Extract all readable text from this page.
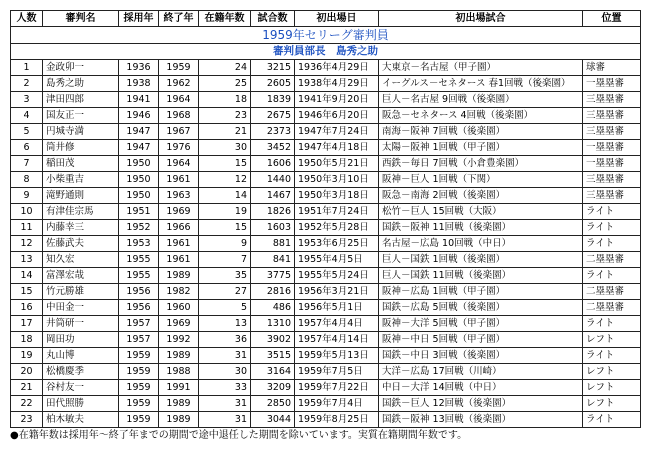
1959年セリーグ審判員								
審判員部長　島秀之助								
人数	審判名	採用年	終了年	在籍年数	試合数	初出場日	初出場試合	位置
1	金政卯一	1936	1959	24	3215	1936年4月29日	大東京－名古屋（甲子園）	球審
2	島秀之助	1938	1962	25	2605	1938年4月29日	イーグルス－セネタース 春1回戦（後楽園）	一塁塁審
3	津田四郎	1941	1964	18	1839	1941年9月20日	巨人－名古屋 9回戦（後楽園）	三塁塁審
4	国友正一	1946	1968	23	2675	1946年6月20日	阪急－セネタース 4回戦（後楽園）	三塁塁審
5	円城寺満	1947	1967	21	2373	1947年7月24日	南海－阪神 7回戦（後楽園）	三塁塁審
6	筒井修	1947	1976	30	3452	1947年4月18日	太陽－阪神 1回戦（甲子園）	一塁塁審
7	稲田茂	1950	1964	15	1606	1950年5月21日	西鉄－毎日 7回戦（小倉豊楽園）	一塁塁審
8	小柴重吉	1950	1961	12	1440	1950年3月10日	阪神－巨人 1回戦（下関）	三塁塁審
9	滝野通則	1950	1963	14	1467	1950年3月18日	阪急－南海 2回戦（後楽園）	三塁塁審
10	有津佳宗馬	1951	1969	19	1826	1951年7月24日	松竹－巨人 15回戦（大阪）	ライト
11	内藤幸三	1952	1966	15	1603	1952年5月28日	国鉄－阪神 11回戦（後楽園）	ライト
12	佐藤武夫	1953	1961	9	881	1953年6月25日	名古屋－広島 10回戦（中日）	ライト
13	知久宏	1955	1961	7	841	1955年4月5日	巨人－国鉄 1回戦（後楽園）	二塁塁審
14	富澤宏哉	1955	1989	35	3775	1955年5月24日	巨人－国鉄 11回戦（後楽園）	ライト
15	竹元勝雄	1956	1982	27	2816	1956年3月21日	阪神－広島 1回戦（甲子園）	二塁塁審
16	中田金一	1956	1960	5	486	1956年5月1日	国鉄－広島 5回戦（後楽園）	二塁塁審
17	井筒研一	1957	1969	13	1310	1957年4月4日	阪神－大洋 5回戦（甲子園）	ライト
18	岡田功	1957	1992	36	3902	1957年4月14日	阪神－中日 5回戦（甲子園）	レフト
19	丸山博	1959	1989	31	3515	1959年5月13日	国鉄－中日 3回戦（後楽園）	ライト
20	松橋慶季	1959	1988	30	3164	1959年7月5日	大洋－広島 17回戦（川崎）	レフト
21	谷村友一	1959	1991	33	3209	1959年7月22日	中日－大洋 14回戦（中日）	レフト
22	田代照勝	1959	1989	31	2850	1959年7月4日	国鉄－巨人 12回戦（後楽園）	レフト
23	柏木敏夫	1959	1989	31	3044	1959年8月25日	国鉄－阪神 13回戦（後楽園）	ライト
●在籍年数は採用年～終了年までの期間で途中退任した期間を除いています。実質在籍期間年数です。
